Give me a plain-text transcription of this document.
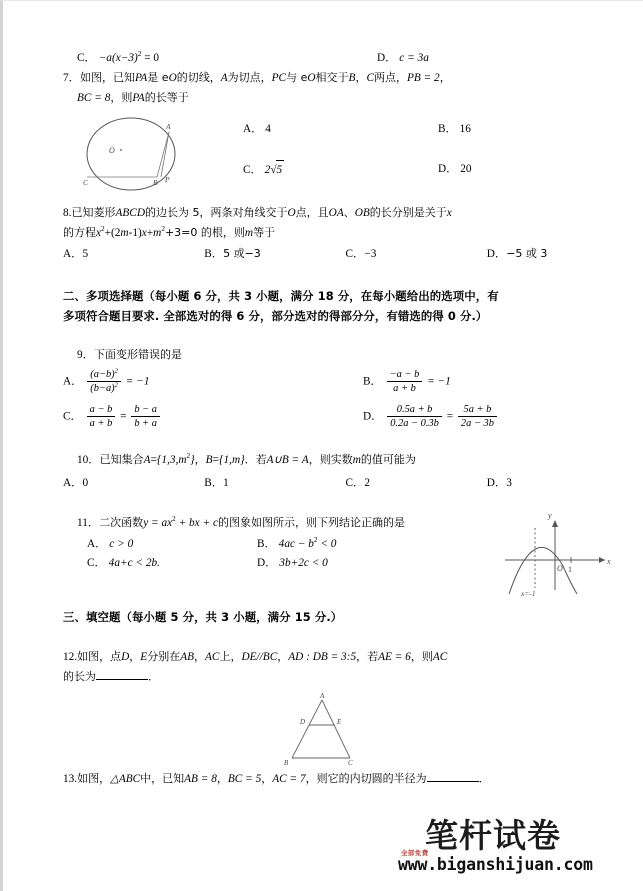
C． $-a(x-3)^2 = 0$	D． c = 3a
7．如图，已知PA是 eO的切线，A为切点，PC与 eO相交于B，C两点，PB = 2，
BC = 8，则PA的长等于
O
A
B
C	P
A． 4	B． 16
C． 2√5	D． 20
8.已知菱形ABCD的边长为 5，两条对角线交于O点，且OA、OB的长分别是关于x
的方程$x^2+(2m-1)x+m^2+3=0$ 的根，则m等于
A．5	B．5 或−3	C．−3	D．−5 或 3
二、多项选择题（每小题 6 分，共 3 小题，满分 18 分，在每小题给出的选项中，有
多项符合题目要求. 全部选对的得 6 分，部分选对的得部分分，有错选的得 0 分.）
9．下面变形错误的是
A． $\frac{(a-b)^2}{(b-a)^2} = -1$	B． $\frac{-a - b}{a + b} = -1$
C． $\frac{a - b}{a + b} = \frac{b - a}{b + a}$	D． $\frac{0.5a + b}{0.2a - 0.3b} = \frac{5a + b}{2a - 3b}$
10．已知集合$A=\{1,3,m^2\}$，B={1,m}．若A∪B = A，则实数m的值可能为
A．0	B．1	C．2	D．3
11．二次函数$y = ax^2$ + bx + c的图象如图所示，则下列结论正确的是
A． c > 0	B． $4ac - b^2 < 0$
C． 4a+c < 2b.	D． 3b+2c < 0
y
x
O 1
x=-1
三、填空题（每小题 5 分，共 3 小题，满分 15 分.）
12.如图，点D，E分别在AB，AC上，DE//BC，AD : DB = 3:5，若AE = 6，则AC
的长为	．
A
D	E
B	C
13.如图，△ABC中，已知AB = 8，BC = 5，AC = 7，则它的内切圆的半径为	．
全部免费
笔杆试卷
www.biganshijuan.com
